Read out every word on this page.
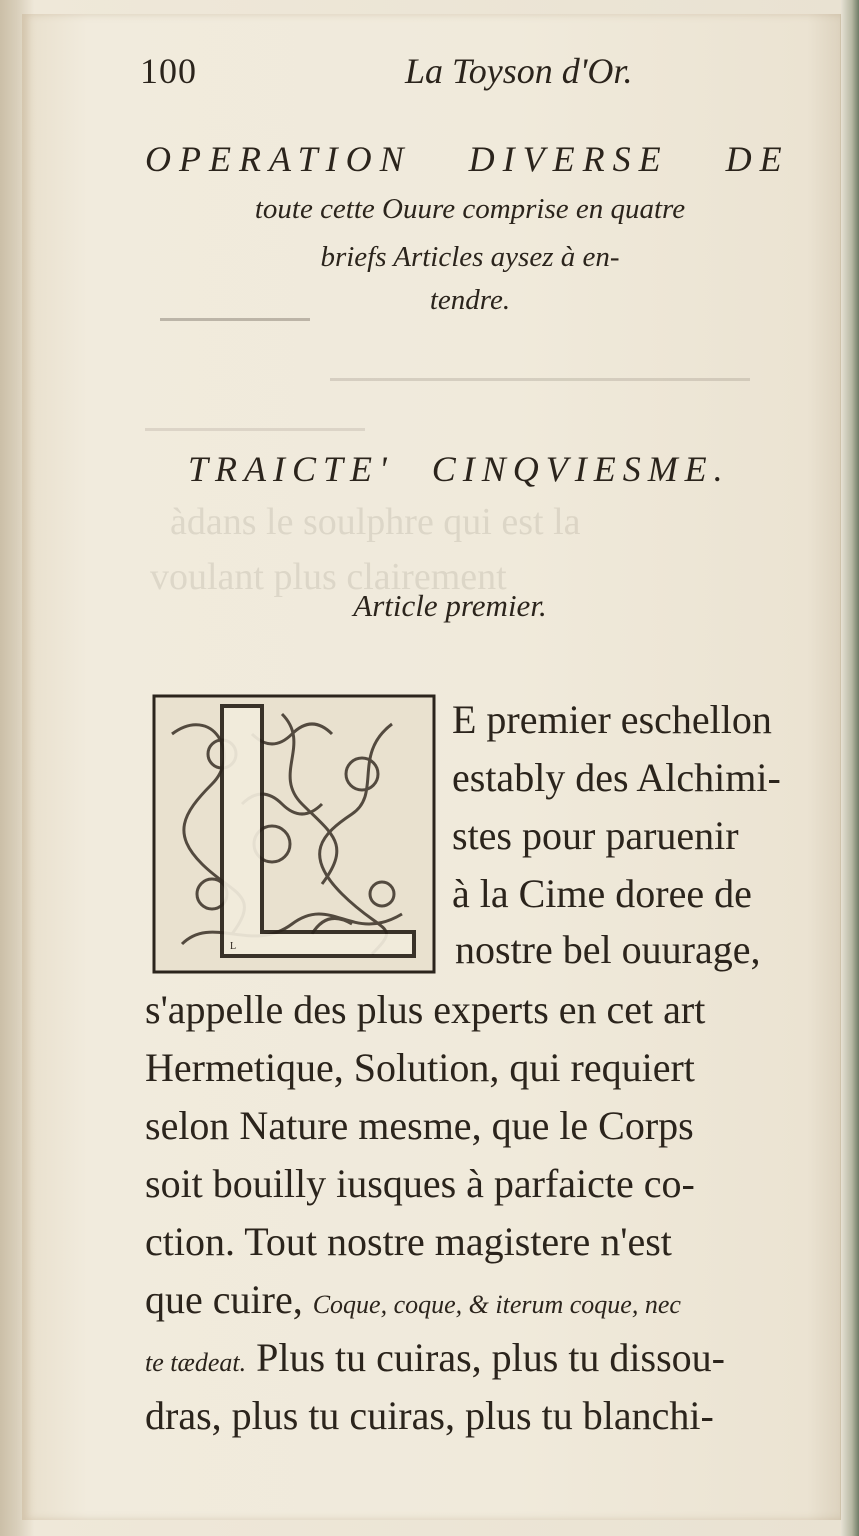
àdans le soulphre qui est la
voulant plus clairement
100	La Toyson d'Or.
OPERATION DIVERSE DE
toute cette Ouure comprise en quatre
briefs Articles aysez à en-
tendre.
TRAICTE' CINQVIESME.
Article premier.
L
E premier eschellon
estably des Alchimi-
stes pour paruenir
à la Cime doree de
nostre bel ouurage,
s'appelle des plus experts en cet art
Hermetique, Solution, qui requiert
selon Nature mesme, que le Corps
soit bouilly iusques à parfaicte co-
ction. Tout nostre magistere n'est
que cuire, Coque, coque, & iterum coque, nec
te tædeat. Plus tu cuiras, plus tu dissou-
dras, plus tu cuiras, plus tu blanchi-
